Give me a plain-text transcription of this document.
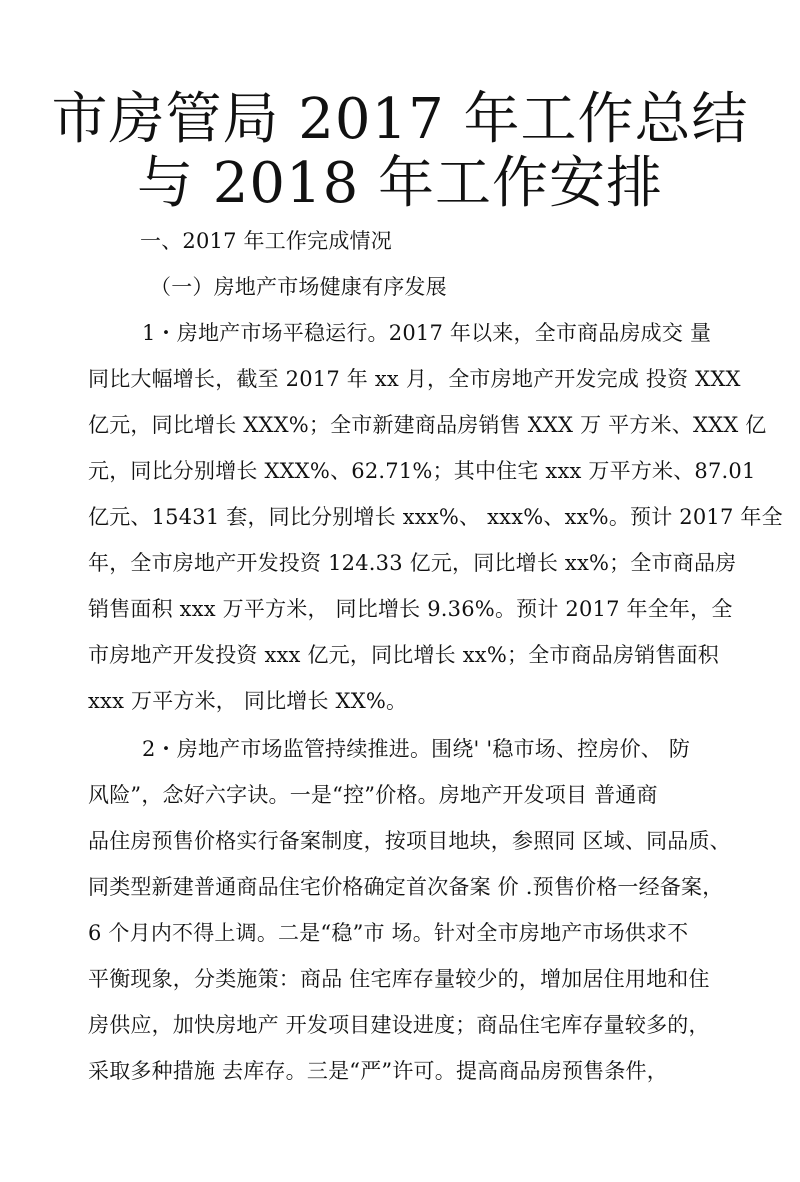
市房管局 2017 年工作总结
与 2018 年工作安排

一、2017 年工作完成情况

（一）房地产市场健康有序发展

1・房地产市场平稳运行。2017 年以来，全市商品房成交 量

同比大幅增长，截至 2017 年 xx 月，全市房地产开发完成 投资 XXX

亿元，同比增长 XXX%；全市新建商品房销售 XXX 万 平方米、XXX 亿

元，同比分别增长 XXX%、62.71%；其中住宅 xxx 万平方米、87.01

亿元、15431 套，同比分别增长 xxx%、 xxx%、xx%。预计 2017 年全

年，全市房地产开发投资 124.33 亿元，同比增长 xx%；全市商品房

销售面积 xxx 万平方米， 同比增长 9.36%。预计 2017 年全年，全

市房地产开发投资 xxx 亿元，同比增长 xx%；全市商品房销售面积

xxx 万平方米， 同比增长 XX%。

2・房地产市场监管持续推进。围绕' '稳市场、控房价、 防

风险”，念好六字诀。一是“控”价格。房地产开发项目 普通商

品住房预售价格实行备案制度，按项目地块，参照同 区域、同品质、

同类型新建普通商品住宅价格确定首次备案 价 .预售价格一经备案，

6 个月内不得上调。二是“稳”市 场。针对全市房地产市场供求不

平衡现象，分类施策：商品 住宅库存量较少的，增加居住用地和住

房供应，加快房地产 开发项目建设进度；商品住宅库存量较多的，

采取多种措施 去库存。三是“严”许可。提高商品房预售条件，
